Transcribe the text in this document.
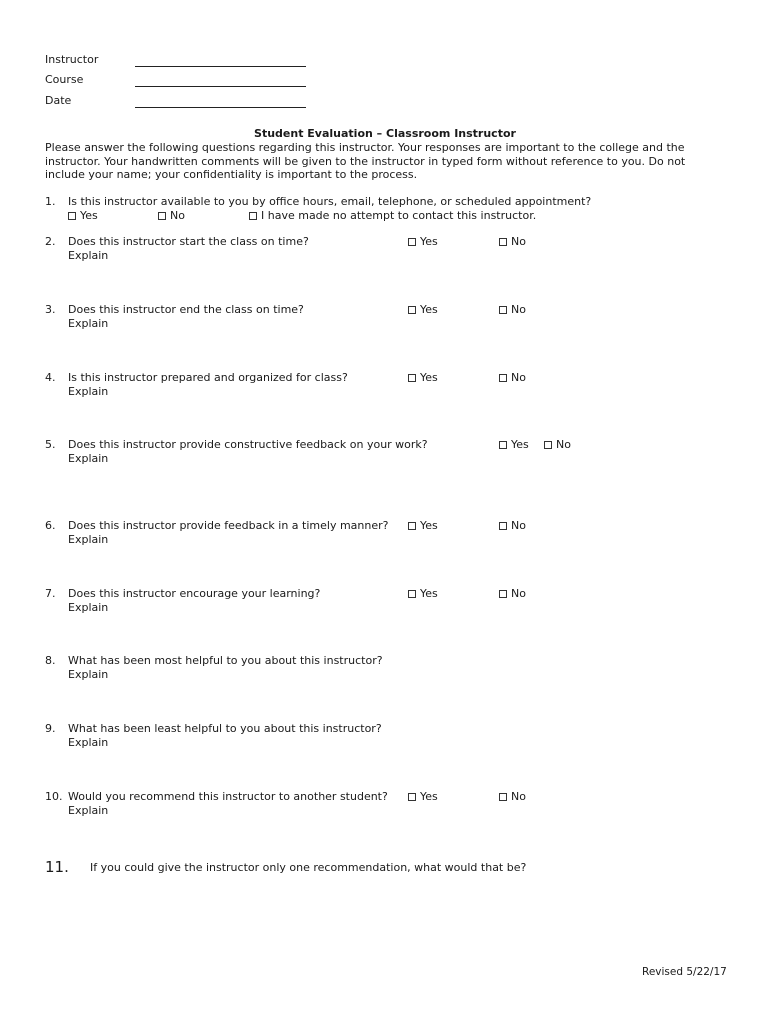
Instructor
Course
Date
Student Evaluation – Classroom Instructor
Please answer the following questions regarding this instructor. Your responses are important to the college and the instructor. Your handwritten comments will be given to the instructor in typed form without reference to you. Do not include your name; your confidentiality is important to the process.
1. Is this instructor available to you by office hours, email, telephone, or scheduled appointment?
Yes	No	I have made no attempt to contact this instructor.
2. Does this instructor start the class on time?
Explain
Yes	No
3. Does this instructor end the class on time?
Explain
Yes	No
4. Is this instructor prepared and organized for class?
Explain
Yes	No
5. Does this instructor provide constructive feedback on your work?
Explain
Yes	No
6. Does this instructor provide feedback in a timely manner?
Explain
Yes	No
7. Does this instructor encourage your learning?
Explain
Yes	No
8. What has been most helpful to you about this instructor?
Explain
9. What has been least helpful to you about this instructor?
Explain
10. Would you recommend this instructor to another student?
Explain
Yes	No
11. If you could give the instructor only one recommendation, what would that be?
Revised 5/22/17
